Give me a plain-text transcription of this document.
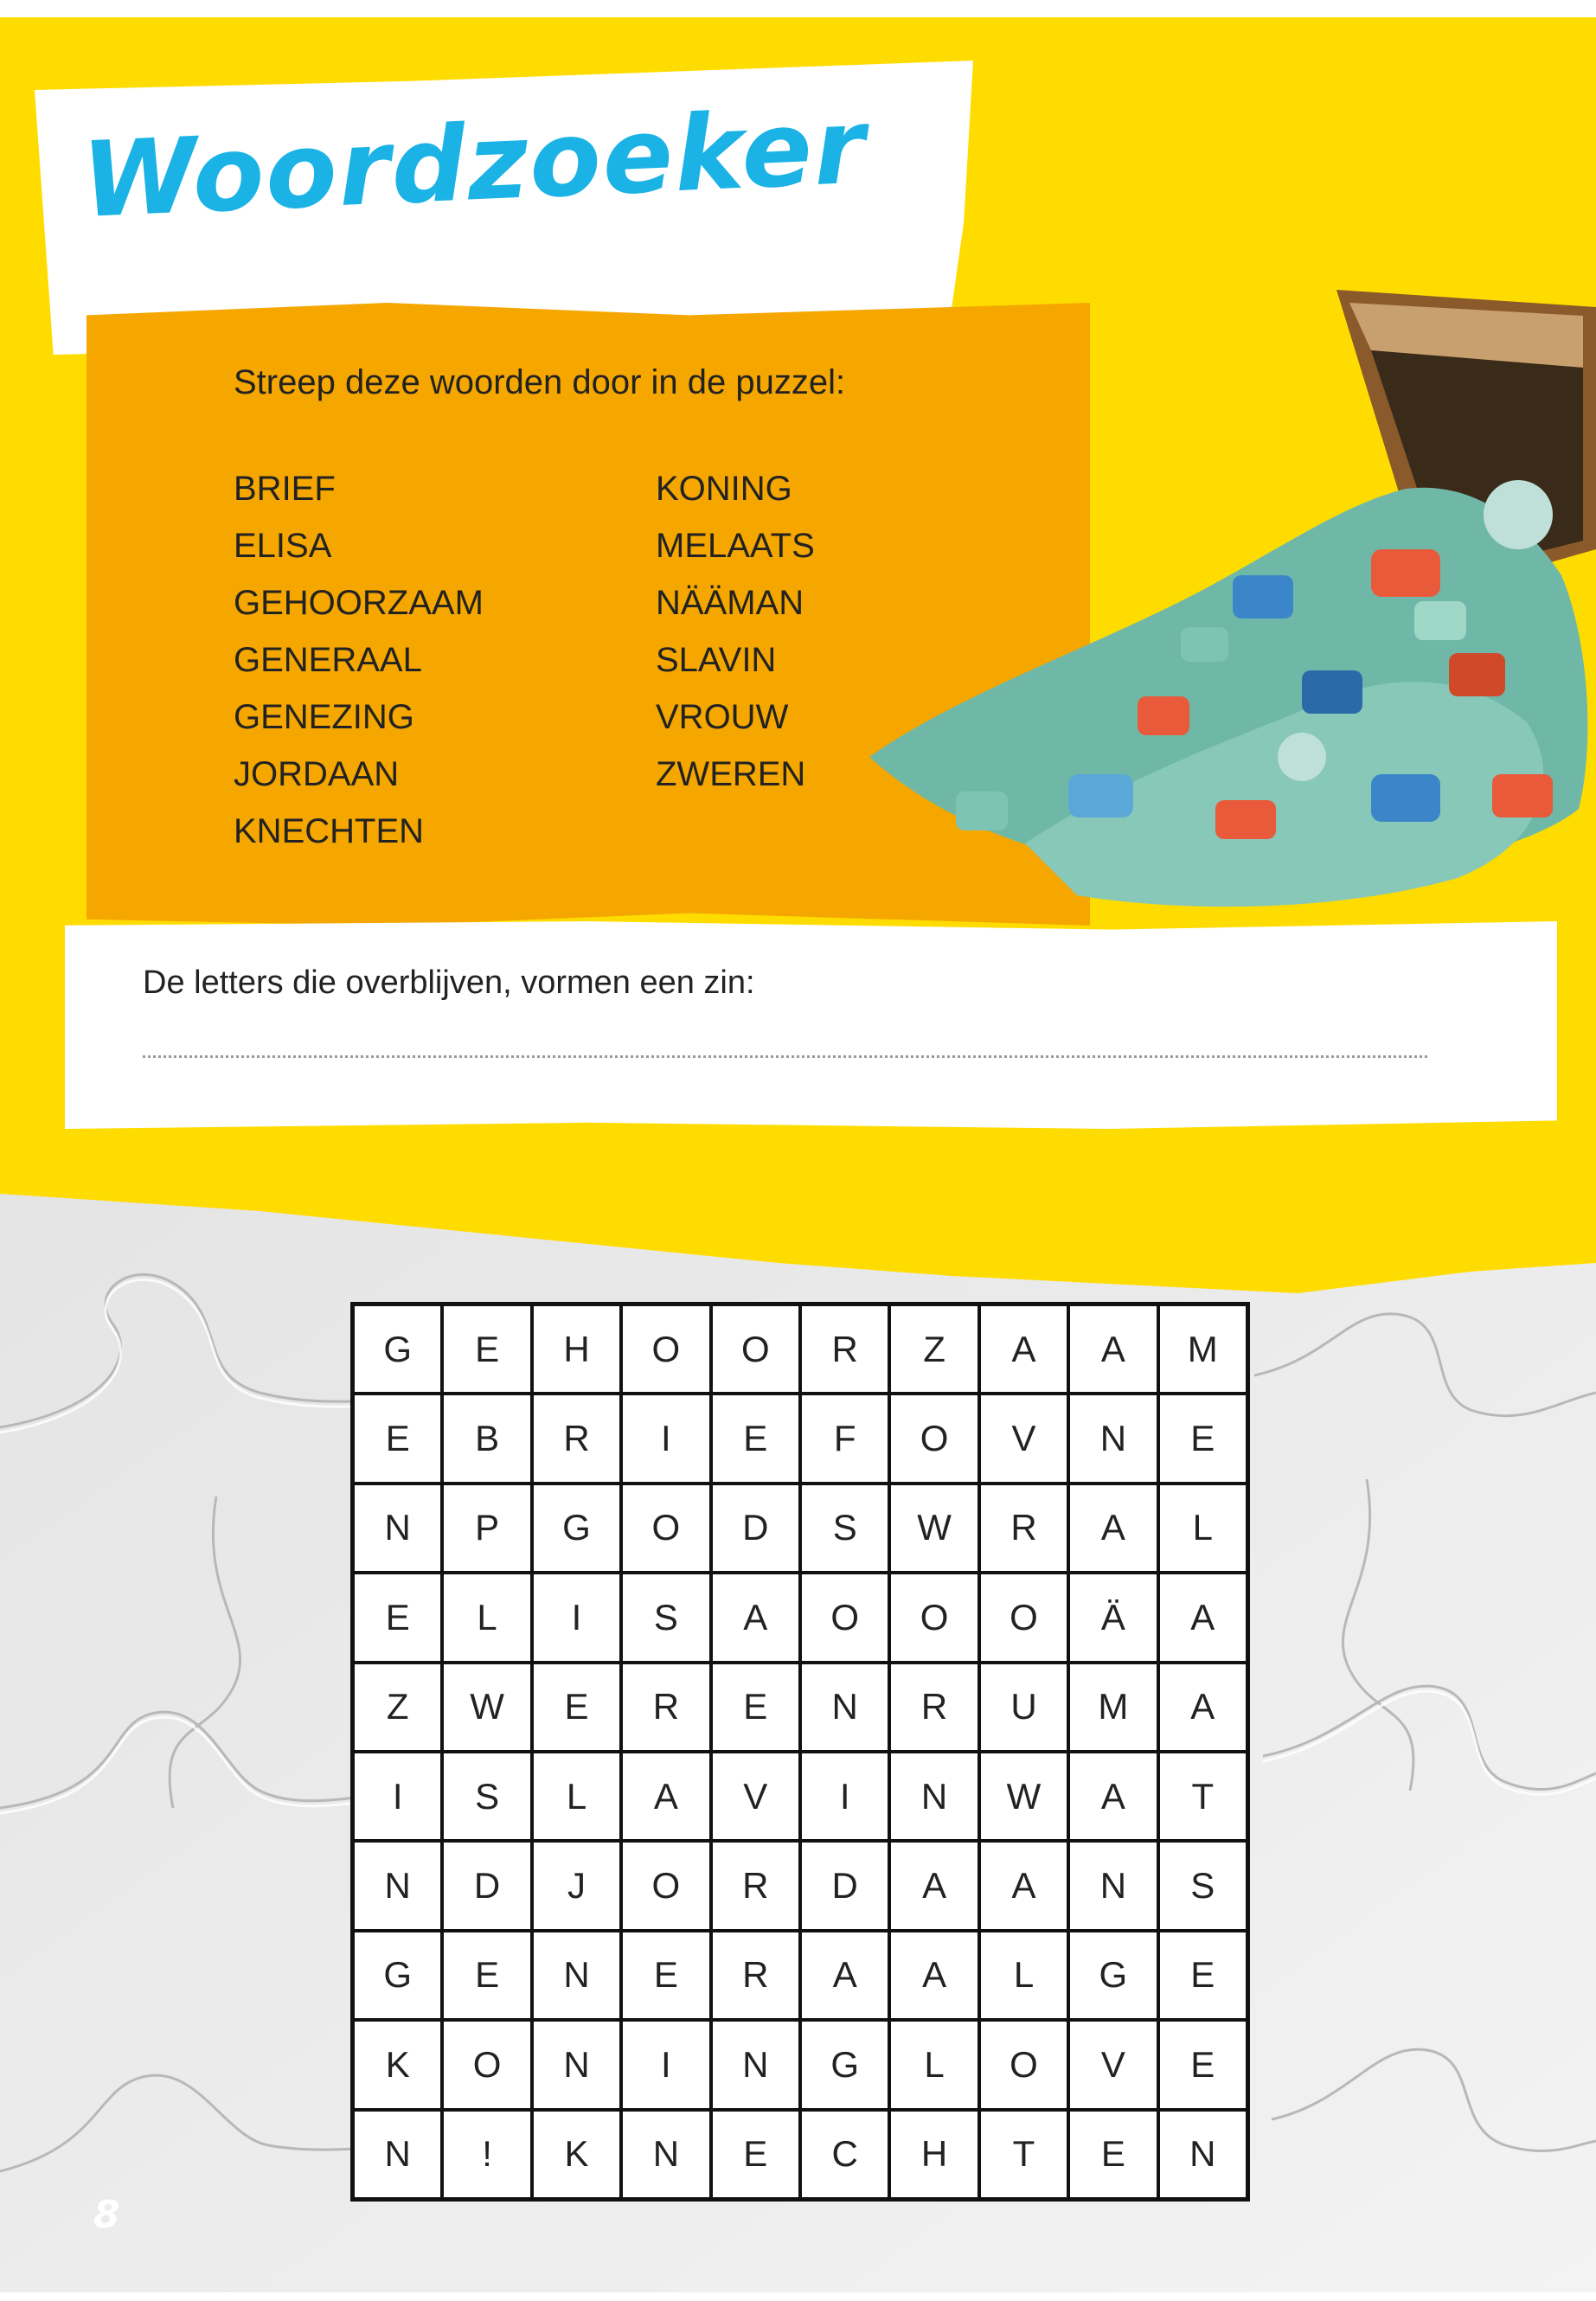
Woordzoeker
Streep deze woorden door in de puzzel:
BRIEF
ELISA
GEHOORZAAM
GENERAAL
GENEZING
JORDAAN
KNECHTEN
KONING
MELAATS
NÄÄMAN
SLAVIN
VROUW
ZWEREN
De letters die overblijven, vormen een zin:
G	E	H	O	O	R	Z	A	A	M
E	B	R	I	E	F	O	V	N	E
N	P	G	O	D	S	W	R	A	L
E	L	I	S	A	O	O	O	Ä	A
Z	W	E	R	E	N	R	U	M	A
I	S	L	A	V	I	N	W	A	T
N	D	J	O	R	D	A	A	N	S
G	E	N	E	R	A	A	L	G	E
K	O	N	I	N	G	L	O	V	E
N	!	K	N	E	C	H	T	E	N
8
